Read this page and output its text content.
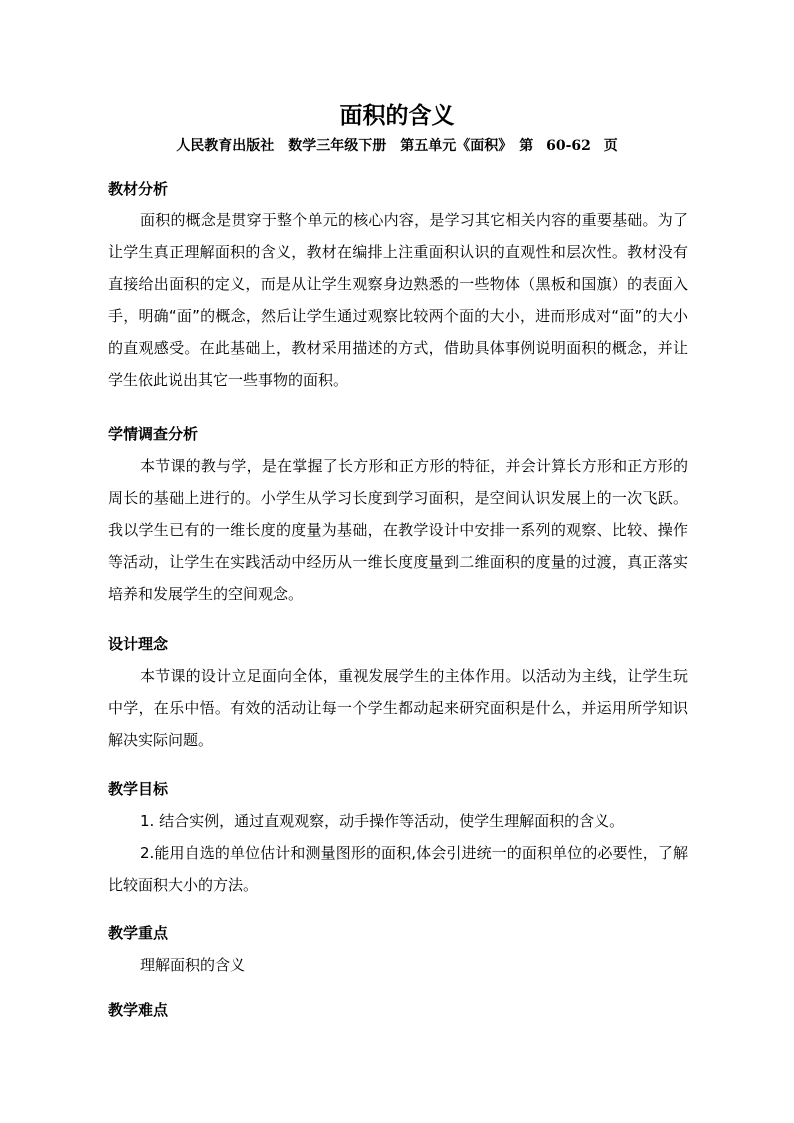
面积的含义
人民教育出版社　数学三年级下册　第五单元《面积》　第 60-62 页
教材分析

面积的概念是贯穿于整个单元的核心内容，是学习其它相关内容的重要基础。为了让学生真正理解面积的含义，教材在编排上注重面积认识的直观性和层次性。教材没有直接给出面积的定义，而是从让学生观察身边熟悉的一些物体（黑板和国旗）的表面入手，明确“面”的概念，然后让学生通过观察比较两个面的大小，进而形成对“面”的大小的直观感受。在此基础上，教材采用描述的方式，借助具体事例说明面积的概念，并让学生依此说出其它一些事物的面积。

学情调查分析

本节课的教与学，是在掌握了长方形和正方形的特征，并会计算长方形和正方形的周长的基础上进行的。小学生从学习长度到学习面积，是空间认识发展上的一次飞跃。我以学生已有的一维长度的度量为基础，在教学设计中安排一系列的观察、比较、操作等活动，让学生在实践活动中经历从一维长度度量到二维面积的度量的过渡，真正落实培养和发展学生的空间观念。

设计理念

本节课的设计立足面向全体，重视发展学生的主体作用。以活动为主线，让学生玩中学，在乐中悟。有效的活动让每一个学生都动起来研究面积是什么，并运用所学知识解决实际问题。

教学目标

1. 结合实例，通过直观观察，动手操作等活动，使学生理解面积的含义。

2.能用自选的单位估计和测量图形的面积,体会引进统一的面积单位的必要性，了解比较面积大小的方法。

教学重点

理解面积的含义

教学难点
